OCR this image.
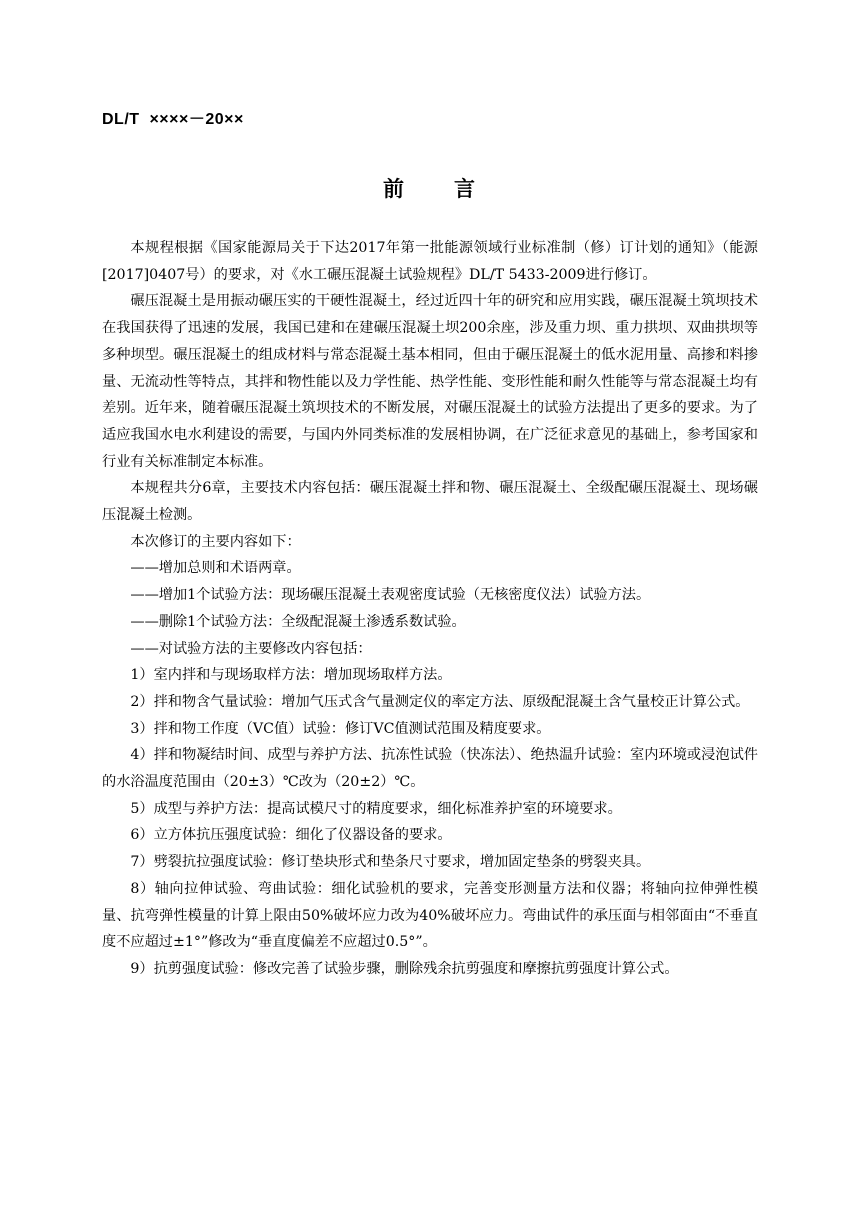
DL/T  ××××－20××
前 言

本规程根据《国家能源局关于下达2017年第一批能源领域行业标准制（修）订计划的通知》（能源[2017]0407号）的要求，对《水工碾压混凝土试验规程》DL/T 5433-2009进行修订。

碾压混凝土是用振动碾压实的干硬性混凝土，经过近四十年的研究和应用实践，碾压混凝土筑坝技术在我国获得了迅速的发展，我国已建和在建碾压混凝土坝200余座，涉及重力坝、重力拱坝、双曲拱坝等多种坝型。碾压混凝土的组成材料与常态混凝土基本相同，但由于碾压混凝土的低水泥用量、高掺和料掺量、无流动性等特点，其拌和物性能以及力学性能、热学性能、变形性能和耐久性能等与常态混凝土均有差别。近年来，随着碾压混凝土筑坝技术的不断发展，对碾压混凝土的试验方法提出了更多的要求。为了适应我国水电水利建设的需要，与国内外同类标准的发展相协调，在广泛征求意见的基础上，参考国家和行业有关标准制定本标准。

本规程共分6章，主要技术内容包括：碾压混凝土拌和物、碾压混凝土、全级配碾压混凝土、现场碾压混凝土检测。

本次修订的主要内容如下：

——增加总则和术语两章。

——增加1个试验方法：现场碾压混凝土表观密度试验（无核密度仪法）试验方法。

——删除1个试验方法：全级配混凝土渗透系数试验。

——对试验方法的主要修改内容包括：

1）室内拌和与现场取样方法：增加现场取样方法。

2）拌和物含气量试验：增加气压式含气量测定仪的率定方法、原级配混凝土含气量校正计算公式。

3）拌和物工作度（VC值）试验：修订VC值测试范围及精度要求。

4）拌和物凝结时间、成型与养护方法、抗冻性试验（快冻法）、绝热温升试验：室内环境或浸泡试件的水浴温度范围由（20±3）℃改为（20±2）℃。

5）成型与养护方法：提高试模尺寸的精度要求，细化标准养护室的环境要求。

6）立方体抗压强度试验：细化了仪器设备的要求。

7）劈裂抗拉强度试验：修订垫块形式和垫条尺寸要求，增加固定垫条的劈裂夹具。

8）轴向拉伸试验、弯曲试验：细化试验机的要求，完善变形测量方法和仪器；将轴向拉伸弹性模量、抗弯弹性模量的计算上限由50%破坏应力改为40%破坏应力。弯曲试件的承压面与相邻面由“不垂直度不应超过±1°”修改为“垂直度偏差不应超过0.5°”。

9）抗剪强度试验：修改完善了试验步骤，删除残余抗剪强度和摩擦抗剪强度计算公式。
